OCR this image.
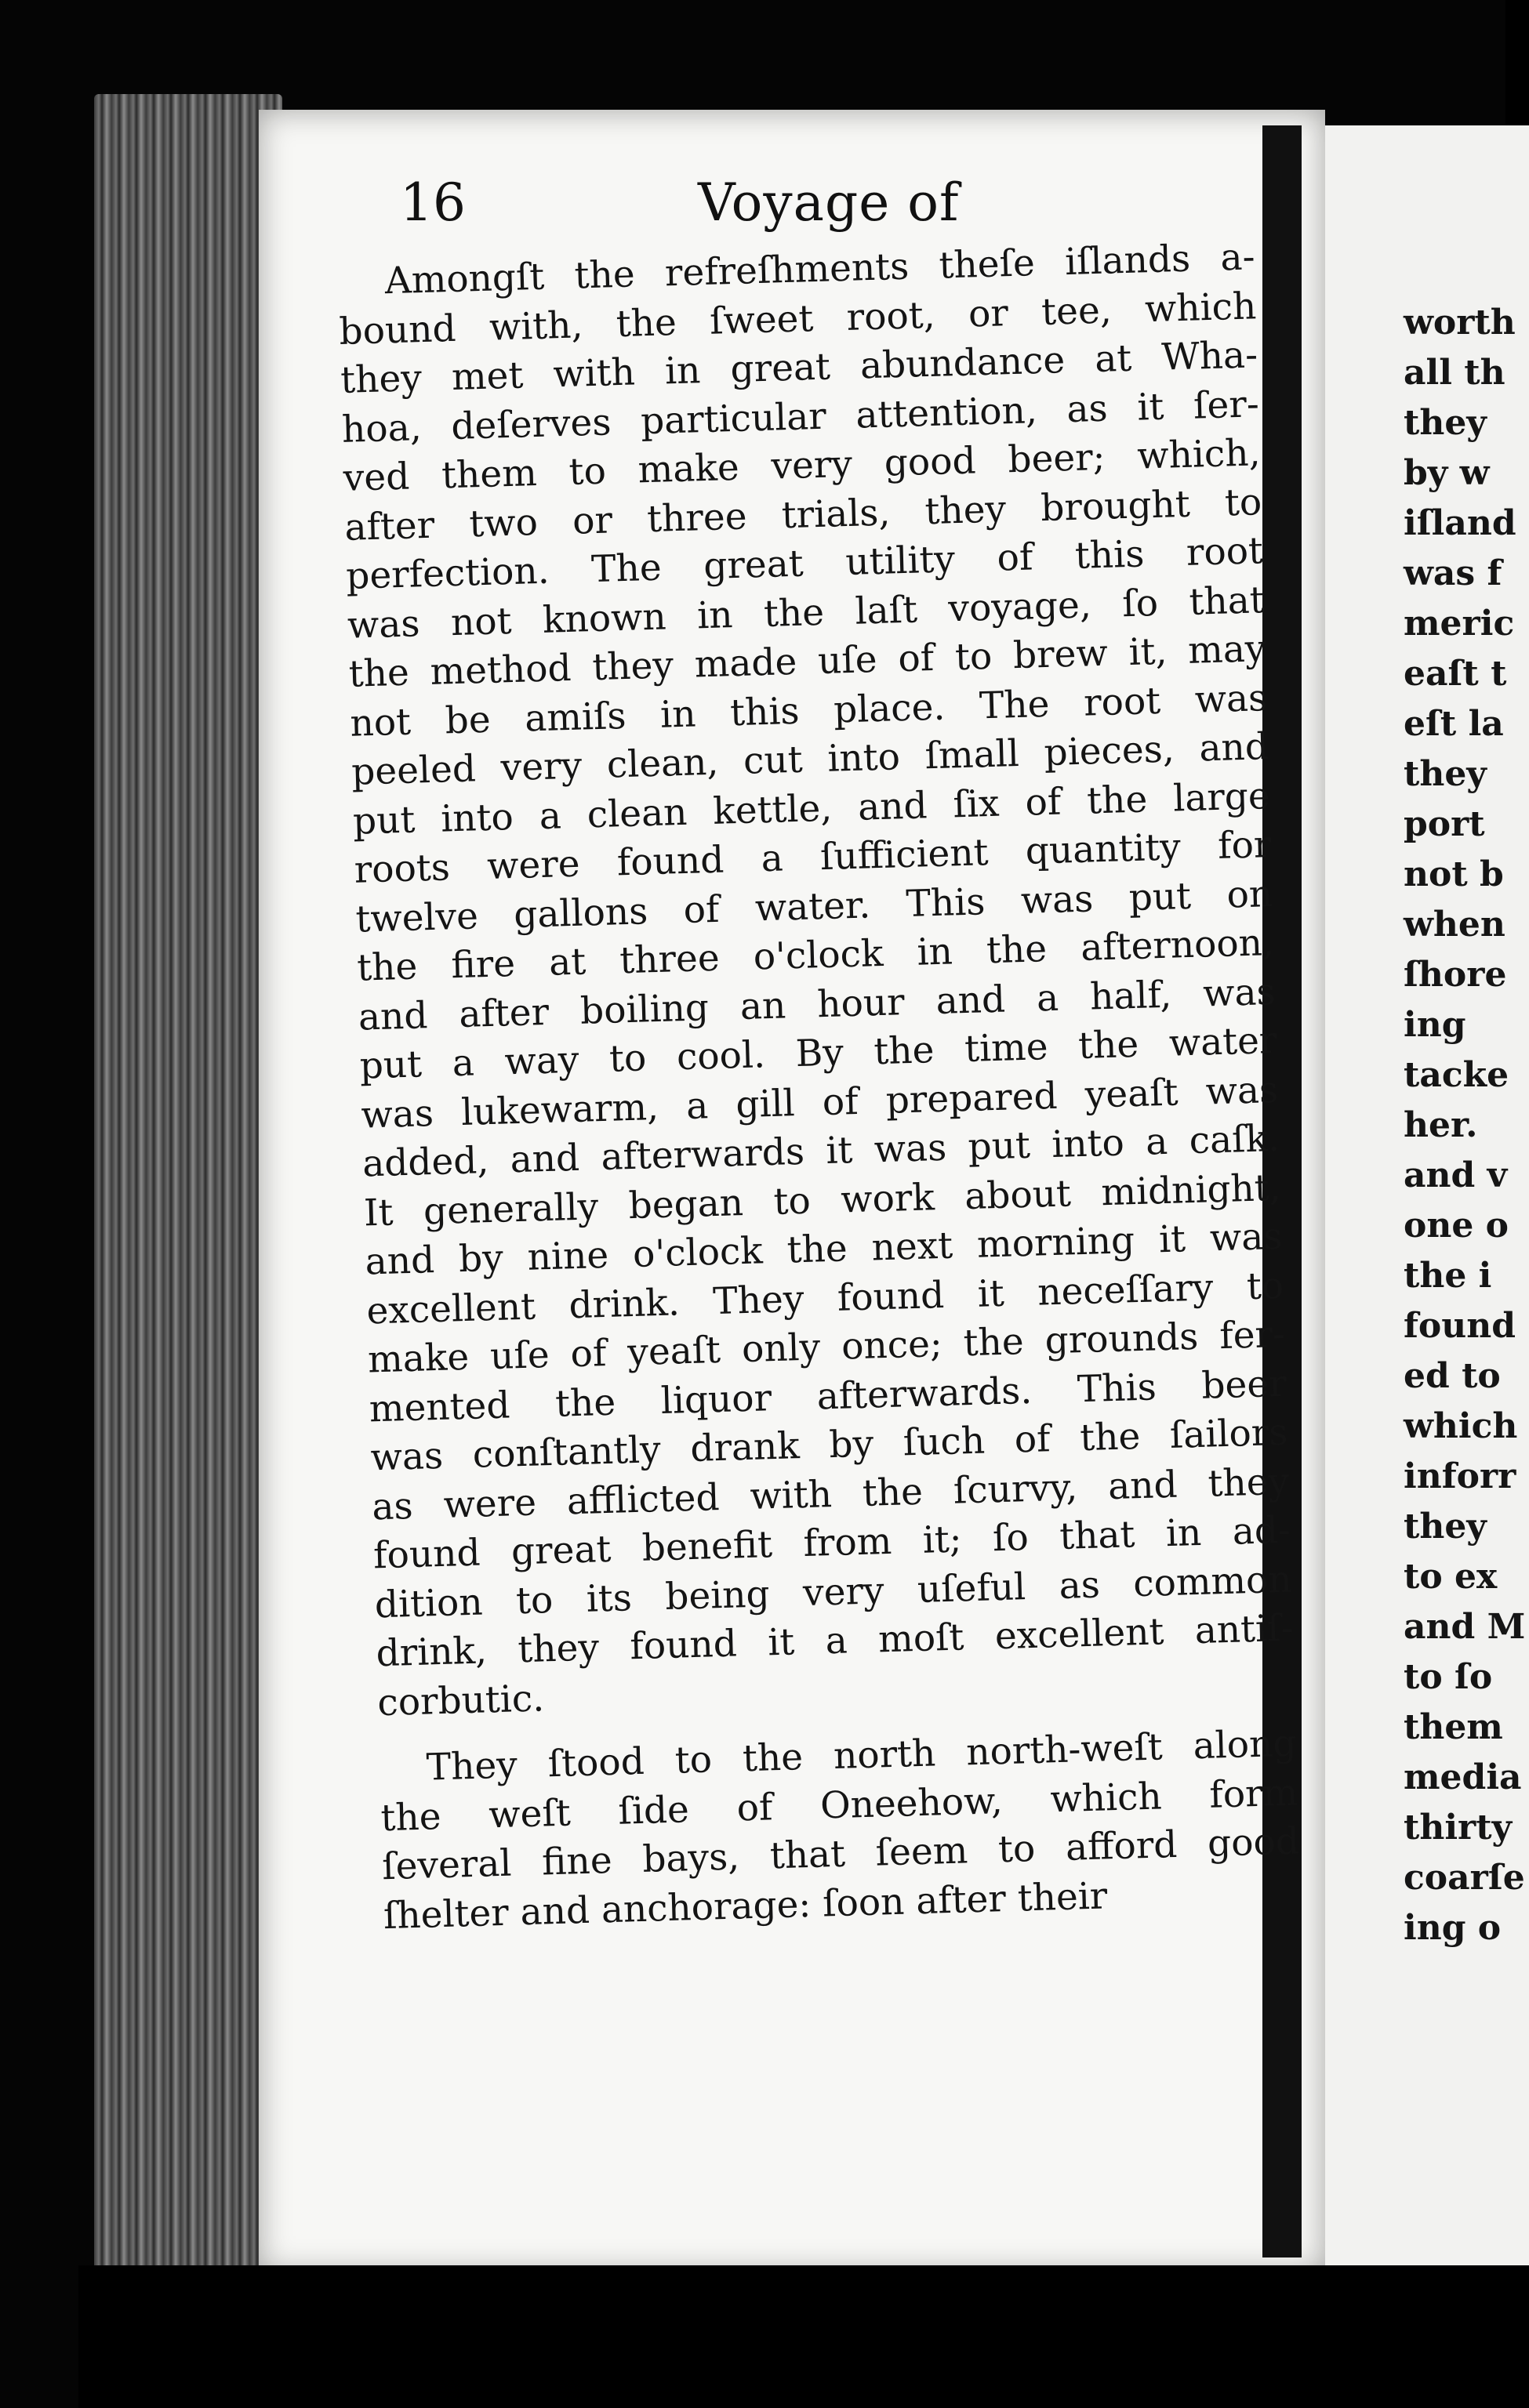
16	Voyage of
Amongſt the refreſhments theſe iſlands a-
bound with, the ſweet root, or tee, which
they met with in great abundance at Wha-
hoa, deſerves particular attention, as it ſer-
ved them to make very good beer; which,
after two or three trials, they brought to
perfection. The great utility of this root
was not known in the laſt voyage, ſo that
the method they made uſe of to brew it, may
not be amiſs in this place. The root was
peeled very clean, cut into ſmall pieces, and
put into a clean kettle, and ſix of the large
roots were found a ſufficient quantity for
twelve gallons of water. This was put on
the fire at three o'clock in the afternoon,
and after boiling an hour and a half, was
put a way to cool. By the time the water
was lukewarm, a gill of prepared yeaſt was
added, and afterwards it was put into a caſk.
It generally began to work about midnight,
and by nine o'clock the next morning it was
excellent drink. They found it neceſſary to
make uſe of yeaſt only once; the grounds fer-
mented the liquor afterwards. This beer
was conſtantly drank by ſuch of the ſailors
as were afflicted with the ſcurvy, and they
found great benefit from it; ſo that in ad-
dition to its being very uſeful as common
drink, they found it a moſt excellent antiſ-
corbutic.
They ſtood to the north north-weſt along
the weſt ſide of Oneehow, which form
ſeveral fine bays, that ſeem to afford good
ſhelter and anchorage: ſoon after their
worth
all th
they
by w
iſland
was f
meric
eaſt t
eſt la
they
port
not b
when
ſhore
ing
tacke
her.
and v
one o
the i
found
ed to
which
inforr
they
to ex
and M
to ſo
them
media
thirty
coarſe
ing o
